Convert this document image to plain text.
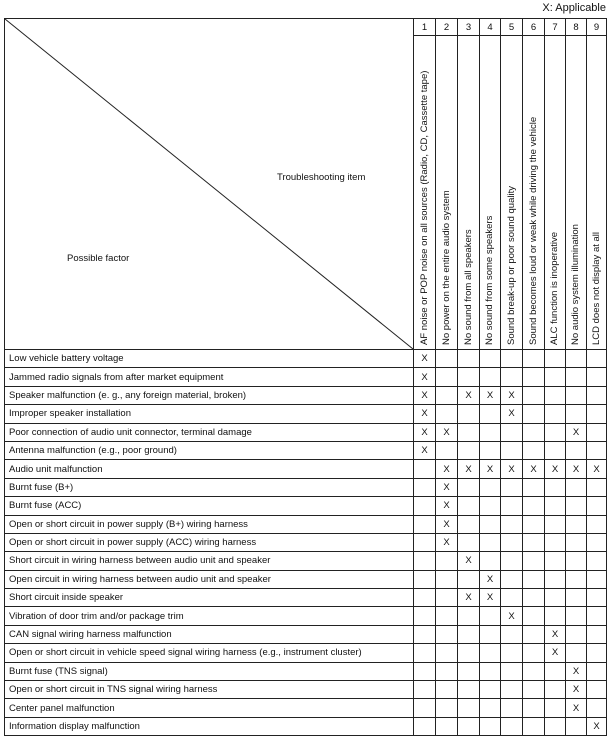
X: Applicable
Troubleshooting item
Possible factor	1	2	3	4	5	6	7	8	9

	AF noise or POP noise on all sources (Radio, CD, Cassette tape)	No power on the entire audio system	No sound from all speakers	No sound from some speakers	Sound break-up or poor sound quality	Sound becomes loud or weak while driving the vehicle	ALC function is inoperative	No audio system illumination	LCD does not display at all

Low vehicle battery voltage	X								
Jammed radio signals from after market equipment	X								
Speaker malfunction (e. g., any foreign material, broken)	X		X	X	X				
Improper speaker installation	X				X				
Poor connection of audio unit connector, terminal damage	X	X						X	
Antenna malfunction (e.g., poor ground)	X								
Audio unit malfunction		X	X	X	X	X	X	X	X
Burnt fuse (B+)		X							
Burnt fuse (ACC)		X							
Open or short circuit in power supply (B+) wiring harness		X							
Open or short circuit in power supply (ACC) wiring harness		X							
Short circuit in wiring harness between audio unit and speaker			X						
Open circuit in wiring harness between audio unit and speaker				X					
Short circuit inside speaker			X	X					
Vibration of door trim and/or package trim					X				
CAN signal wiring harness malfunction							X		
Open or short circuit in vehicle speed signal wiring harness (e.g., instrument cluster)							X		
Burnt fuse (TNS signal)								X	
Open or short circuit in TNS signal wiring harness								X	
Center panel malfunction								X	
Information display malfunction									X
